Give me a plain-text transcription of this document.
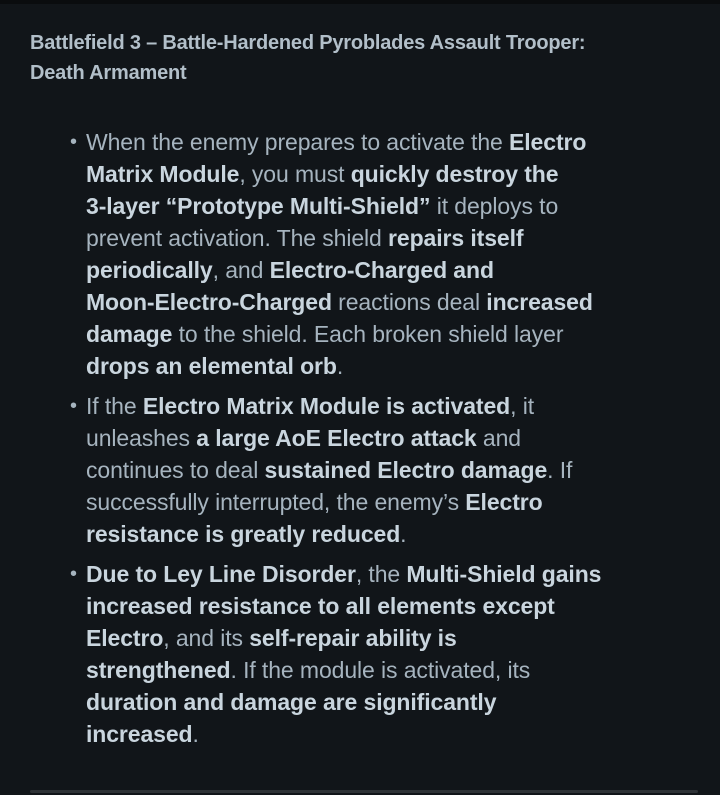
Battlefield 3 – Battle-Hardened Pyroblades Assault Trooper:
Death Armament
• When the enemy prepares to activate the Electro
Matrix Module, you must quickly destroy the
3-layer “Prototype Multi-Shield” it deploys to
prevent activation. The shield repairs itself
periodically, and Electro-Charged and
Moon-Electro-Charged reactions deal increased
damage to the shield. Each broken shield layer
drops an elemental orb.
• If the Electro Matrix Module is activated, it
unleashes a large AoE Electro attack and
continues to deal sustained Electro damage. If
successfully interrupted, the enemy’s Electro
resistance is greatly reduced.
• Due to Ley Line Disorder, the Multi-Shield gains
increased resistance to all elements except
Electro, and its self-repair ability is
strengthened. If the module is activated, its
duration and damage are significantly
increased.
